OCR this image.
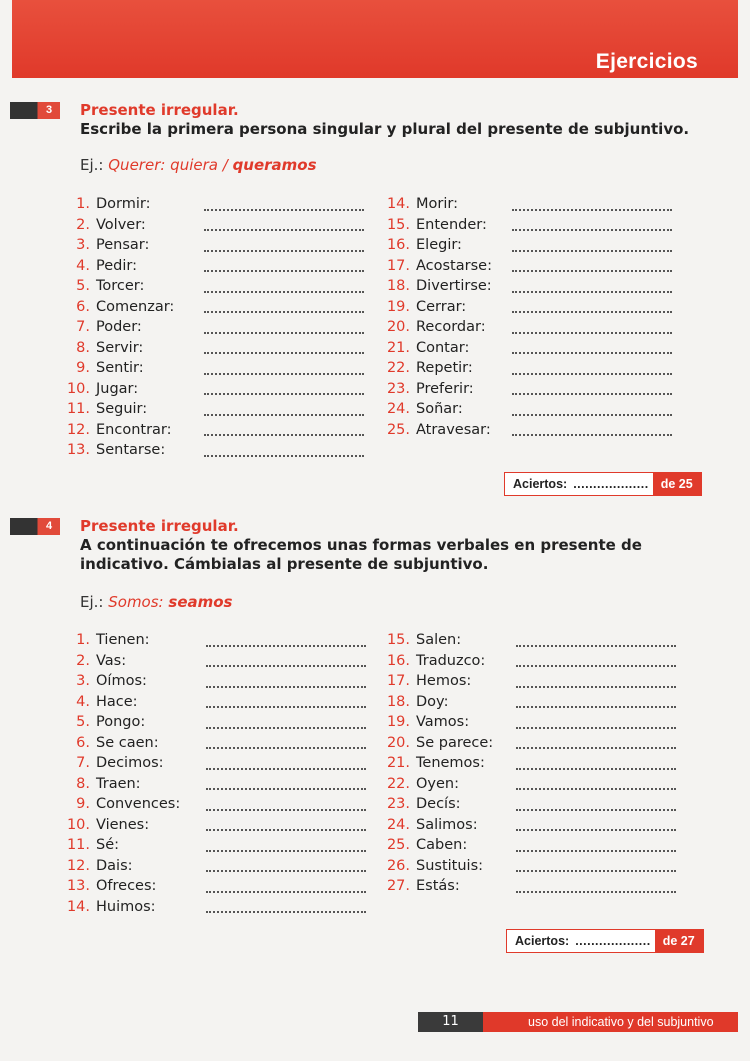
Ejercicios
3	Presente irregular.
Escribe la primera persona singular y plural del presente de subjuntivo.
Ej.: Querer: quiera / queramos
1. Dormir:
2. Volver:
3. Pensar:
4. Pedir:
5. Torcer:
6. Comenzar:
7. Poder:
8. Servir:
9. Sentir:
10. Jugar:
11. Seguir:
12. Encontrar:
13. Sentarse:
14. Morir:
15. Entender:
16. Elegir:
17. Acostarse:
18. Divertirse:
19. Cerrar:
20. Recordar:
21. Contar:
22. Repetir:
23. Preferir:
24. Soñar:
25. Atravesar:
Aciertos: ................... de 25
4	Presente irregular.
A continuación te ofrecemos unas formas verbales en presente de indicativo. Cámbialas al presente de subjuntivo.
Ej.: Somos: seamos
1. Tienen:
2. Vas:
3. Oímos:
4. Hace:
5. Pongo:
6. Se caen:
7. Decimos:
8. Traen:
9. Convences:
10. Vienes:
11. Sé:
12. Dais:
13. Ofreces:
14. Huimos:
15. Salen:
16. Traduzco:
17. Hemos:
18. Doy:
19. Vamos:
20. Se parece:
21. Tenemos:
22. Oyen:
23. Decís:
24. Salimos:
25. Caben:
26. Sustituis:
27. Estás:
Aciertos: ................... de 27
11	uso del indicativo y del subjuntivo
